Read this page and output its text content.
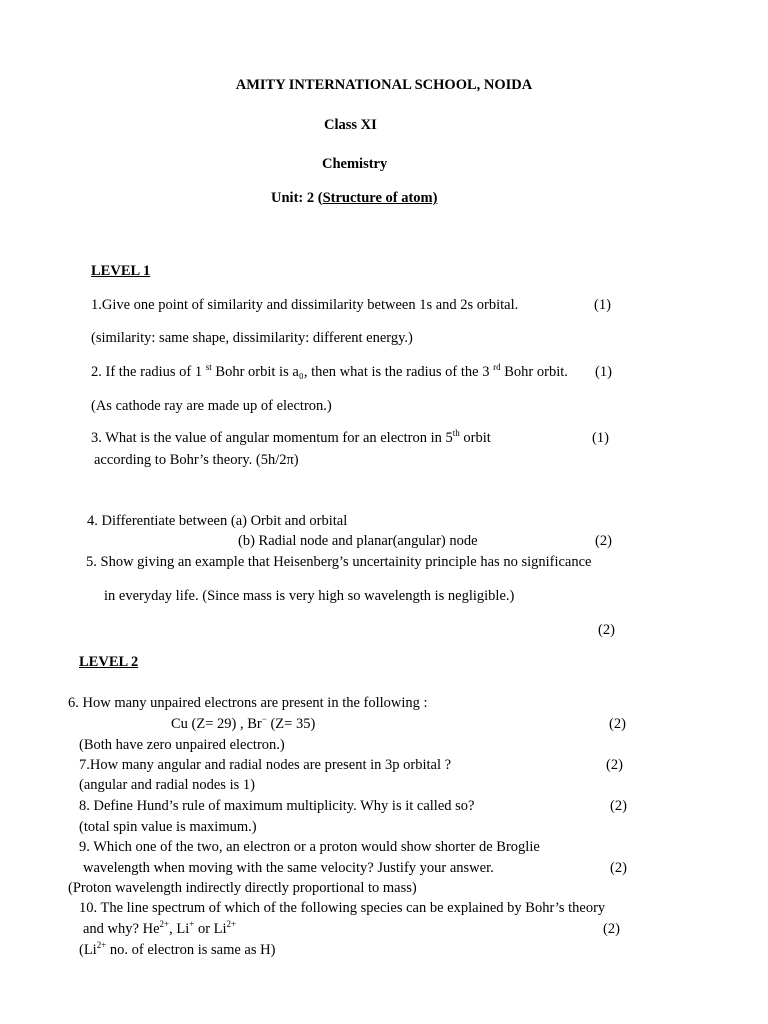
AMITY INTERNATIONAL SCHOOL, NOIDA
Class XI
Chemistry
Unit: 2 (Structure of atom)
LEVEL 1
1.Give one point of similarity and dissimilarity between 1s and 2s orbital.	(1)
(similarity: same shape, dissimilarity: different energy.)
2. If the radius of 1 $^{st}$ Bohr orbit is a₀, then what is the radius of the 3 $^{rd}$ Bohr orbit. (1)
(As cathode ray are made up of electron.)
3. What is the value of angular momentum for an electron in 5th orbit	(1)
according to Bohr’s theory. (5h/2π)
4. Differentiate between (a) Orbit and orbital
(b) Radial node and planar(angular) node	(2)
5. Show giving an example that Heisenberg’s uncertainity principle has no significance
in everyday life. (Since mass is very high so wavelength is negligible.)
(2)
LEVEL 2
6. How many unpaired electrons are present in the following :
Cu (Z= 29) , Br− (Z= 35)	(2)
(Both have zero unpaired electron.)
7.How many angular and radial nodes are present in 3p orbital ?	(2)
(angular and radial nodes is 1)
8. Define Hund’s rule of maximum multiplicity. Why is it called so?	(2)
(total spin value is maximum.)
9. Which one of the two, an electron or a proton would show shorter de Broglie
wavelength when moving with the same velocity? Justify your answer.	(2)
(Proton wavelength indirectly directly proportional to mass)
10. The line spectrum of which of the following species can be explained by Bohr’s theory
and why? $He^{2+}$, Li+ or $Li^{2+}$	(2)
($Li^{2+}$ no. of electron is same as H)
